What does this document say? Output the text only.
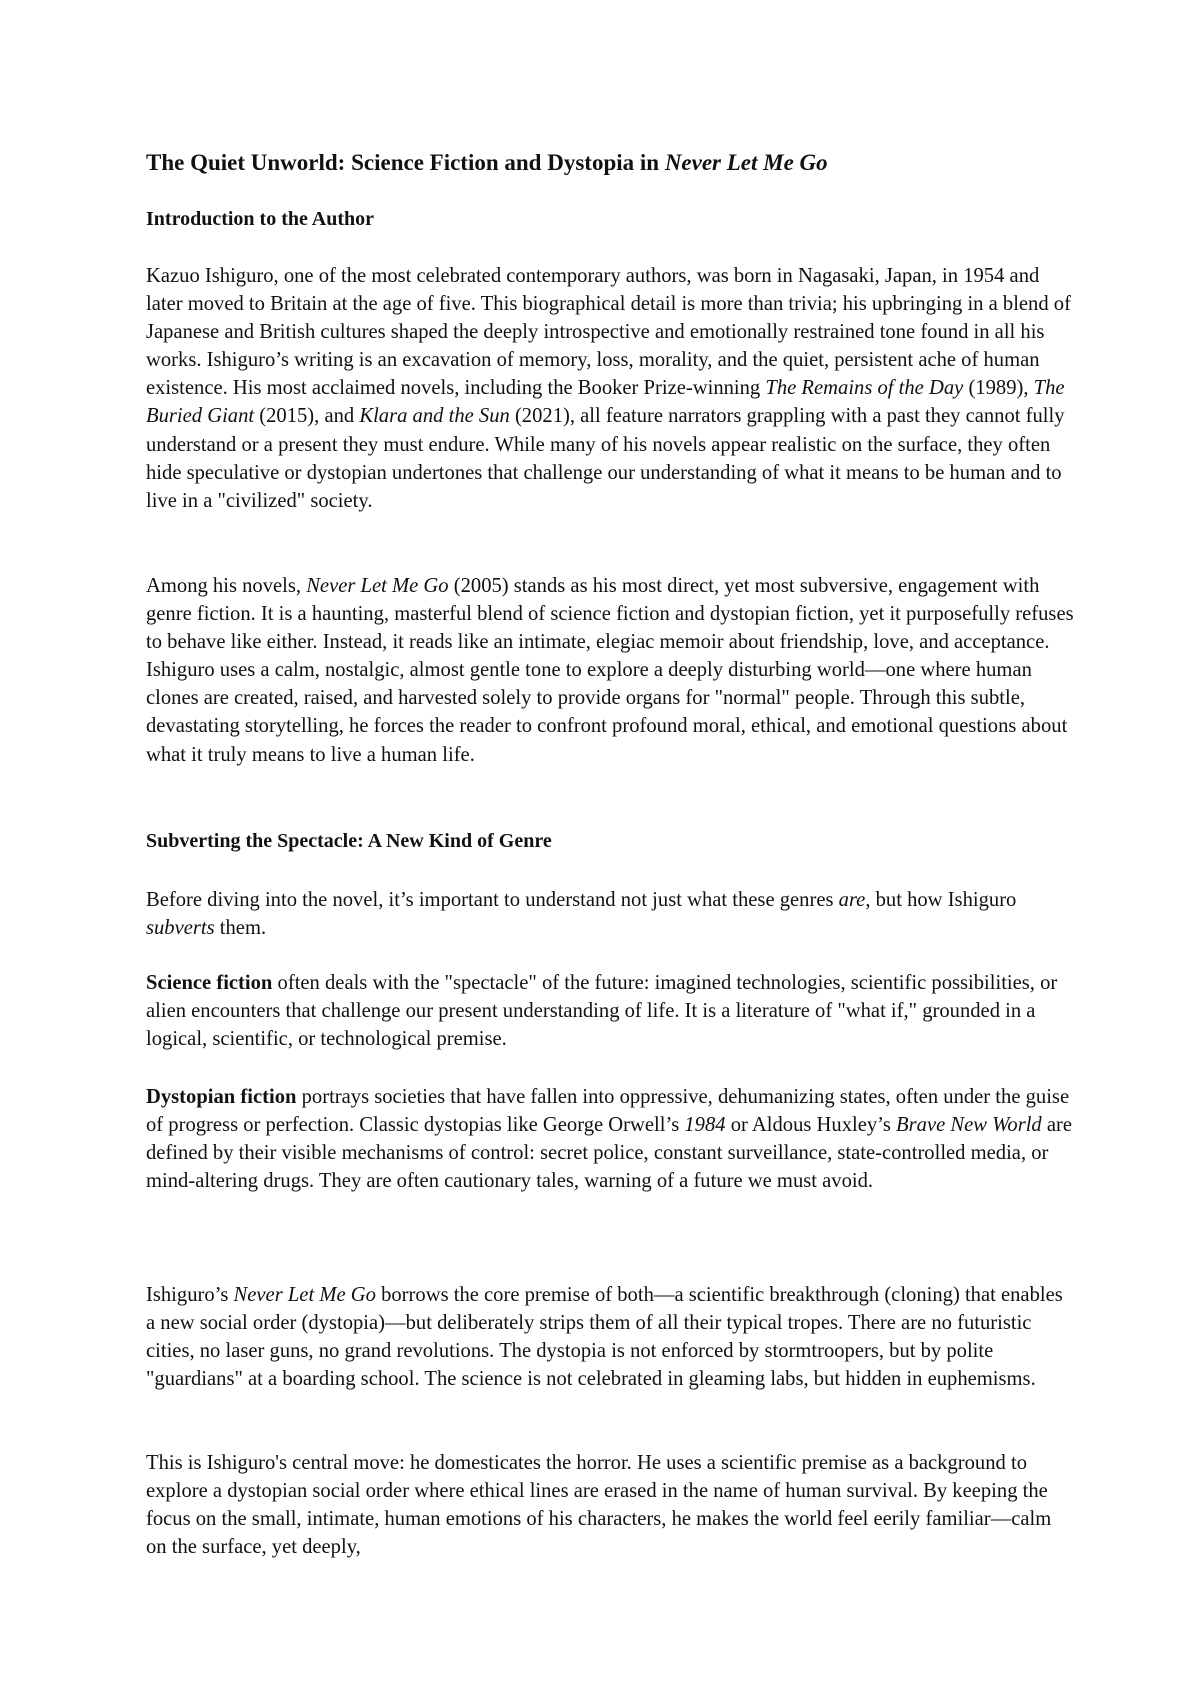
The Quiet Unworld: Science Fiction and Dystopia in Never Let Me Go
Introduction to the Author

Kazuo Ishiguro, one of the most celebrated contemporary authors, was born in Nagasaki, Japan, in 1954 and later moved to Britain at the age of five. This biographical detail is more than trivia; his upbringing in a blend of Japanese and British cultures shaped the deeply introspective and emotionally restrained tone found in all his works. Ishiguro’s writing is an excavation of memory, loss, morality, and the quiet, persistent ache of human existence. His most acclaimed novels, including the Booker Prize-winning The Remains of the Day (1989), The Buried Giant (2015), and Klara and the Sun (2021), all feature narrators grappling with a past they cannot fully understand or a present they must endure. While many of his novels appear realistic on the surface, they often hide speculative or dystopian undertones that challenge our understanding of what it means to be human and to live in a "civilized" society.

Among his novels, Never Let Me Go (2005) stands as his most direct, yet most subversive, engagement with genre fiction. It is a haunting, masterful blend of science fiction and dystopian fiction, yet it purposefully refuses to behave like either. Instead, it reads like an intimate, elegiac memoir about friendship, love, and acceptance. Ishiguro uses a calm, nostalgic, almost gentle tone to explore a deeply disturbing world—one where human clones are created, raised, and harvested solely to provide organs for "normal" people. Through this subtle, devastating storytelling, he forces the reader to confront profound moral, ethical, and emotional questions about what it truly means to live a human life.

Subverting the Spectacle: A New Kind of Genre

Before diving into the novel, it’s important to understand not just what these genres are, but how Ishiguro subverts them.

Science fiction often deals with the "spectacle" of the future: imagined technologies, scientific possibilities, or alien encounters that challenge our present understanding of life. It is a literature of "what if," grounded in a logical, scientific, or technological premise.

Dystopian fiction portrays societies that have fallen into oppressive, dehumanizing states, often under the guise of progress or perfection. Classic dystopias like George Orwell’s 1984 or Aldous Huxley’s Brave New World are defined by their visible mechanisms of control: secret police, constant surveillance, state-controlled media, or mind-altering drugs. They are often cautionary tales, warning of a future we must avoid.

Ishiguro’s Never Let Me Go borrows the core premise of both—a scientific breakthrough (cloning) that enables a new social order (dystopia)—but deliberately strips them of all their typical tropes. There are no futuristic cities, no laser guns, no grand revolutions. The dystopia is not enforced by stormtroopers, but by polite "guardians" at a boarding school. The science is not celebrated in gleaming labs, but hidden in euphemisms.

This is Ishiguro's central move: he domesticates the horror. He uses a scientific premise as a background to explore a dystopian social order where ethical lines are erased in the name of human survival. By keeping the focus on the small, intimate, human emotions of his characters, he makes the world feel eerily familiar—calm on the surface, yet deeply,
